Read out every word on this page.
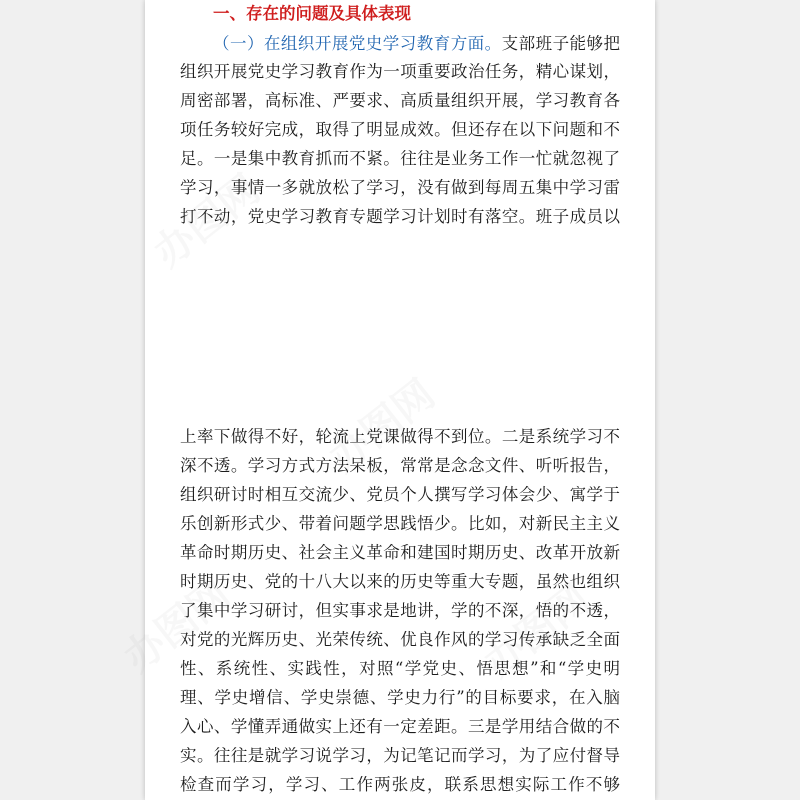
办图网
办图网
办图网	办图网
一、存在的问题及具体表现
（一）在组织开展党史学习教育方面。支部班子能够把
组织开展党史学习教育作为一项重要政治任务，精心谋划，
周密部署，高标准、严要求、高质量组织开展，学习教育各
项任务较好完成，取得了明显成效。但还存在以下问题和不
足。一是集中教育抓而不紧。往往是业务工作一忙就忽视了
学习，事情一多就放松了学习，没有做到每周五集中学习雷
打不动，党史学习教育专题学习计划时有落空。班子成员以
上率下做得不好，轮流上党课做得不到位。二是系统学习不
深不透。学习方式方法呆板，常常是念念文件、听听报告，
组织研讨时相互交流少、党员个人撰写学习体会少、寓学于
乐创新形式少、带着问题学思践悟少。比如，对新民主主义
革命时期历史、社会主义革命和建国时期历史、改革开放新
时期历史、党的十八大以来的历史等重大专题，虽然也组织
了集中学习研讨，但实事求是地讲，学的不深，悟的不透，
对党的光辉历史、光荣传统、优良作风的学习传承缺乏全面
性、系统性、实践性，对照“学党史、悟思想”和“学史明
理、学史增信、学史崇德、学史力行”的目标要求，在入脑
入心、学懂弄通做实上还有一定差距。三是学用结合做的不
实。往往是就学习说学习，为记笔记而学习，为了应付督导
检查而学习，学习、工作两张皮，联系思想实际工作不够
